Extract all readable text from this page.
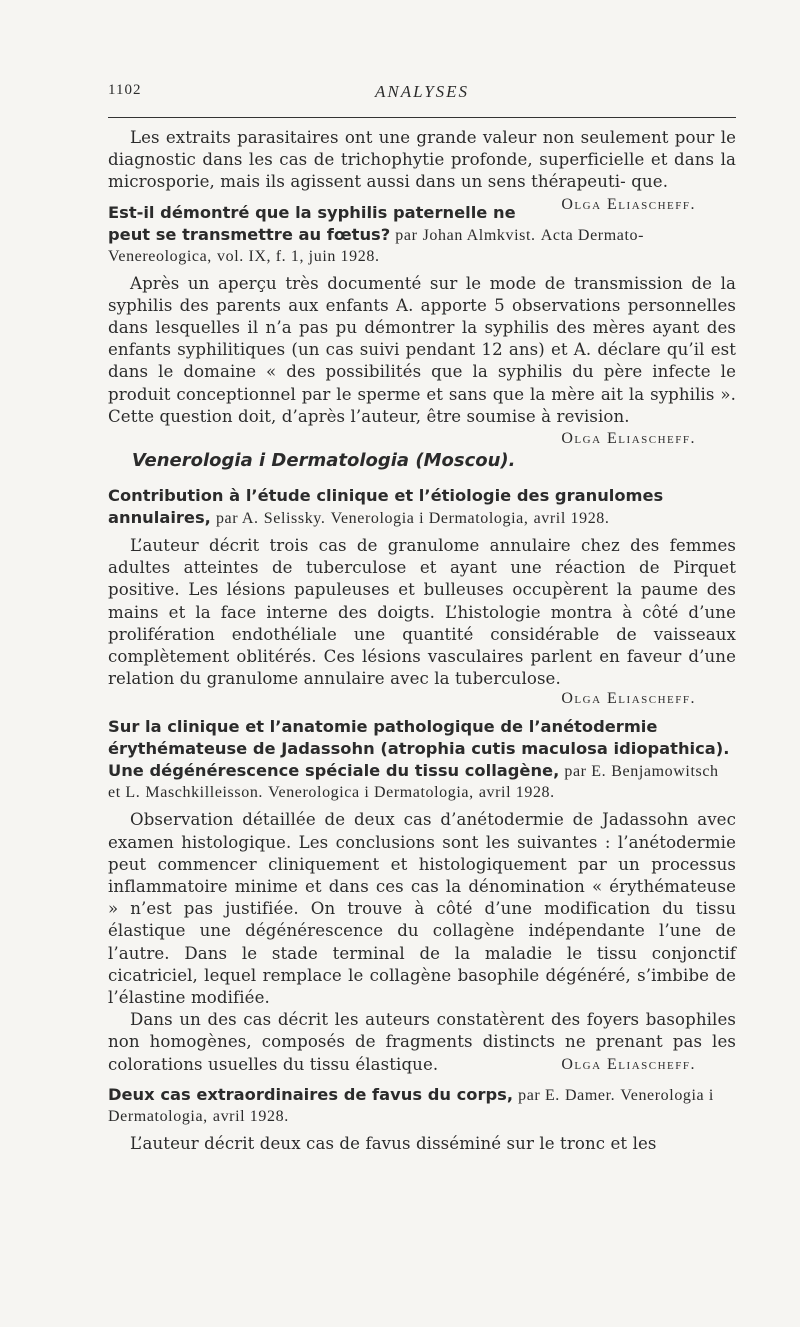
1102	ANALYSES

Les extraits parasitaires ont une grande valeur non seulement pour le diagnostic dans les cas de trichophytie profonde, superficielle et dans la microsporie, mais ils agissent aussi dans un sens thérapeuti- que.
Olga Eliascheff.

Est-il démontré que la syphilis paternelle ne peut se transmettre au fœtus? par Johan Almkvist. Acta Dermato-Venereologica, vol. IX, f. 1, juin 1928.

Après un aperçu très documenté sur le mode de transmission de la syphilis des parents aux enfants A. apporte 5 observations personnelles dans lesquelles il n’a pas pu démontrer la syphilis des mères ayant des enfants syphilitiques (un cas suivi pendant 12 ans) et A. déclare qu’il est dans le domaine « des possibilités que la syphilis du père infecte le produit conceptionnel par le sperme et sans que la mère ait la syphilis ». Cette question doit, d’après l’auteur, être soumise à revision.
Olga Eliascheff.

Venerologia i Dermatologia (Moscou).

Contribution à l’étude clinique et l’étiologie des granulomes annulaires, par A. Selissky. Venerologia i Dermatologia, avril 1928.

L’auteur décrit trois cas de granulome annulaire chez des femmes adultes atteintes de tuberculose et ayant une réaction de Pirquet positive. Les lésions papuleuses et bulleuses occupèrent la paume des mains et la face interne des doigts. L’histologie montra à côté d’une prolifération endothéliale une quantité considérable de vaisseaux complètement oblitérés. Ces lésions vasculaires parlent en faveur d’une relation du granulome annulaire avec la tuberculose.

Olga Eliascheff.

Sur la clinique et l’anatomie pathologique de l’anétodermie érythémateuse de Jadassohn (atrophia cutis maculosa idiopathica). Une dégénérescence spéciale du tissu collagène, par E. Benjamowitsch et L. Maschkilleisson. Venerologica i Dermatologia, avril 1928.

Observation détaillée de deux cas d’anétodermie de Jadassohn avec examen histologique. Les conclusions sont les suivantes : l’anétodermie peut commencer cliniquement et histologiquement par un processus inflammatoire minime et dans ces cas la dénomination « érythémateuse » n’est pas justifiée. On trouve à côté d’une modification du tissu élastique une dégénérescence du collagène indépendante l’une de l’autre. Dans le stade terminal de la maladie le tissu conjonctif cicatriciel, lequel remplace le collagène basophile dégénéré, s’imbibe de l’élastine modifiée.

Dans un des cas décrit les auteurs constatèrent des foyers basophiles non homogènes, composés de fragments distincts ne prenant pas les colorations usuelles du tissu élastique.	Olga Eliascheff.

Deux cas extraordinaires de favus du corps, par E. Damer. Venerologia i Dermatologia, avril 1928.

L’auteur décrit deux cas de favus disséminé sur le tronc et les
